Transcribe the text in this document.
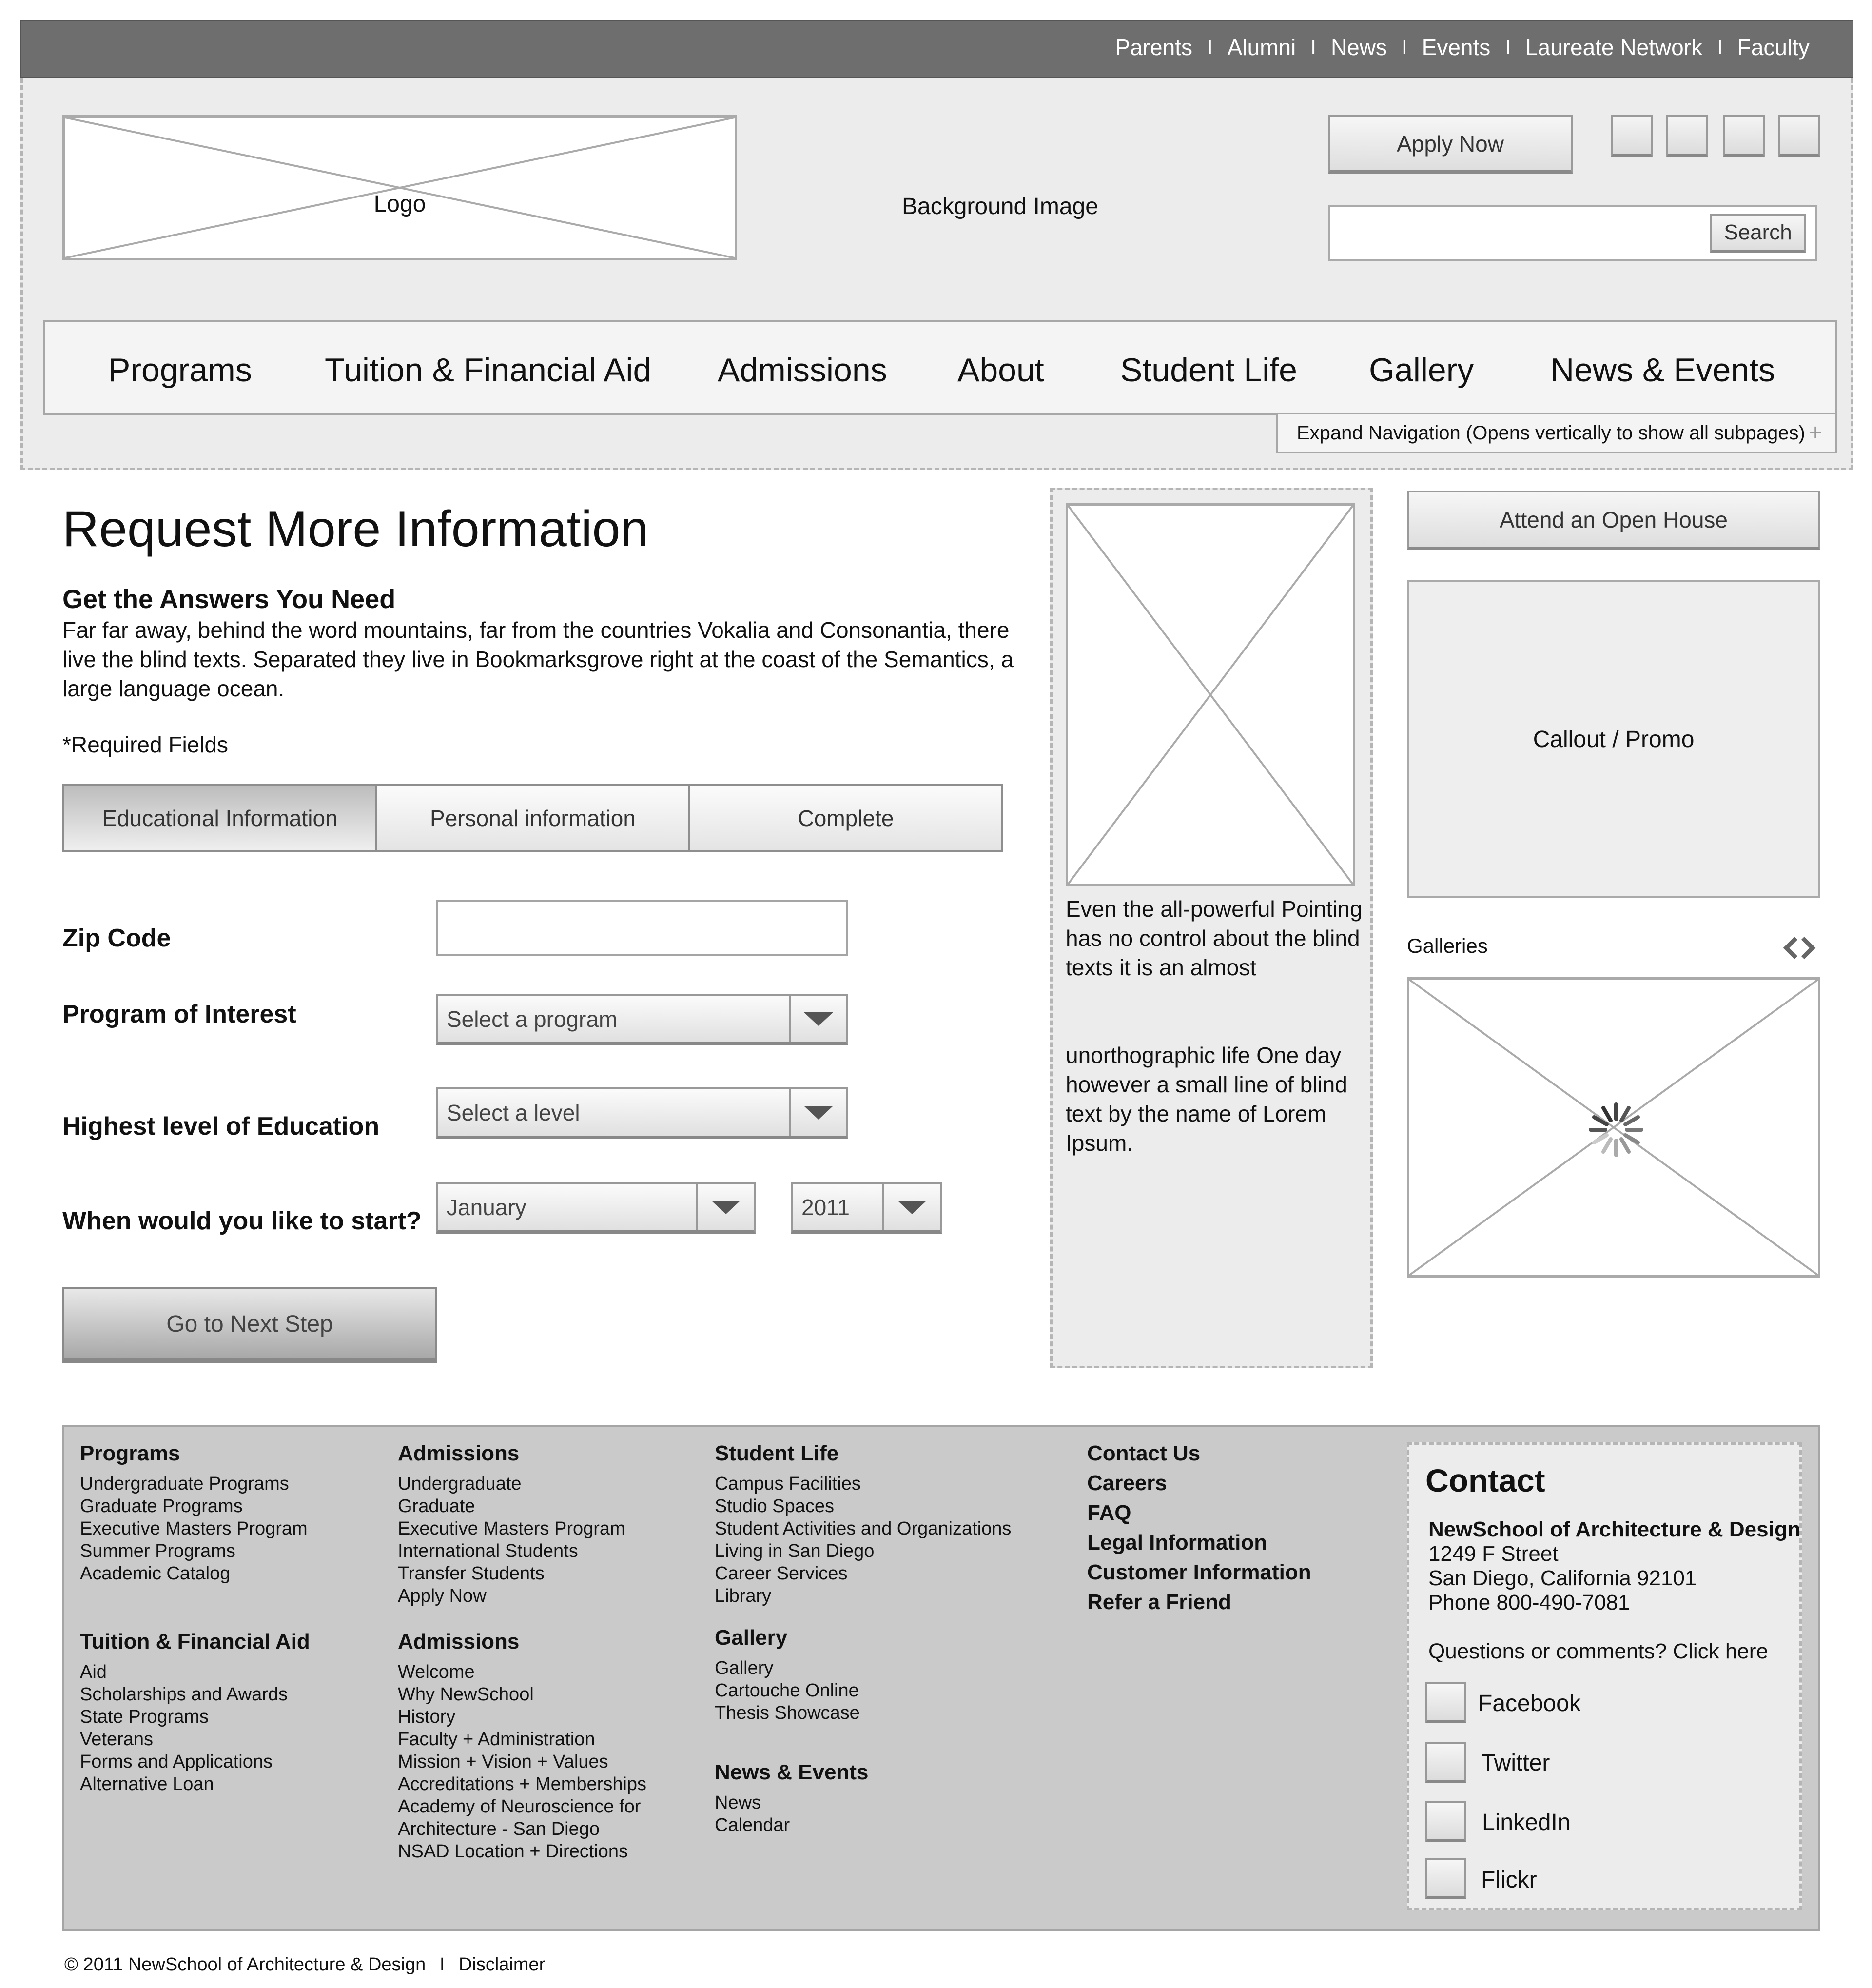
Parents I Alumni I News I Events I Laureate Network I Faculty
Logo	Background Image
Apply Now
Search
Programs Tuition & Financial Aid Admissions About Student Life Gallery News & Events
Expand Navigation (Opens vertically to show all subpages) +
Request More Information
Get the Answers You Need
Far far away, behind the word mountains, far from the countries Vokalia and Consonantia, there live the blind texts. Separated they live in Bookmarksgrove right at the coast of the Semantics, a large language ocean.
*Required Fields
Educational Information	Personal information	Complete
Zip Code
Program of Interest	Select a program
Highest level of Education	Select a level
When would you like to start?	January	2011
Go to Next Step
Even the all-powerful Pointing has no control about the blind texts it is an almost
unorthographic life One day however a small line of blind text by the name of Lorem Ipsum.
Attend an Open House
Callout / Promo
Galleries
Programs
Undergraduate Programs
Graduate Programs
Executive Masters Program
Summer Programs
Academic Catalog
Tuition & Financial Aid
Aid
Scholarships and Awards
State Programs
Veterans
Forms and Applications
Alternative Loan
Admissions
Undergraduate
Graduate
Executive Masters Program
International Students
Transfer Students
Apply Now
Admissions
Welcome
Why NewSchool
History
Faculty + Administration
Mission + Vision + Values
Accreditations + Memberships
Academy of Neuroscience for
Architecture - San Diego
NSAD Location + Directions
Student Life
Campus Facilities
Studio Spaces
Student Activities and Organizations
Living in San Diego
Career Services
Library
Gallery
Gallery
Cartouche Online
Thesis Showcase
News & Events
News
Calendar
Contact Us
Careers
FAQ
Legal Information
Customer Information
Refer a Friend
Contact
NewSchool of Architecture & Design
1249 F Street
San Diego, California 92101
Phone 800-490-7081
Questions or comments? Click here
Facebook
Twitter
LinkedIn
Flickr
© 2011 NewSchool of Architecture & Design I Disclaimer
